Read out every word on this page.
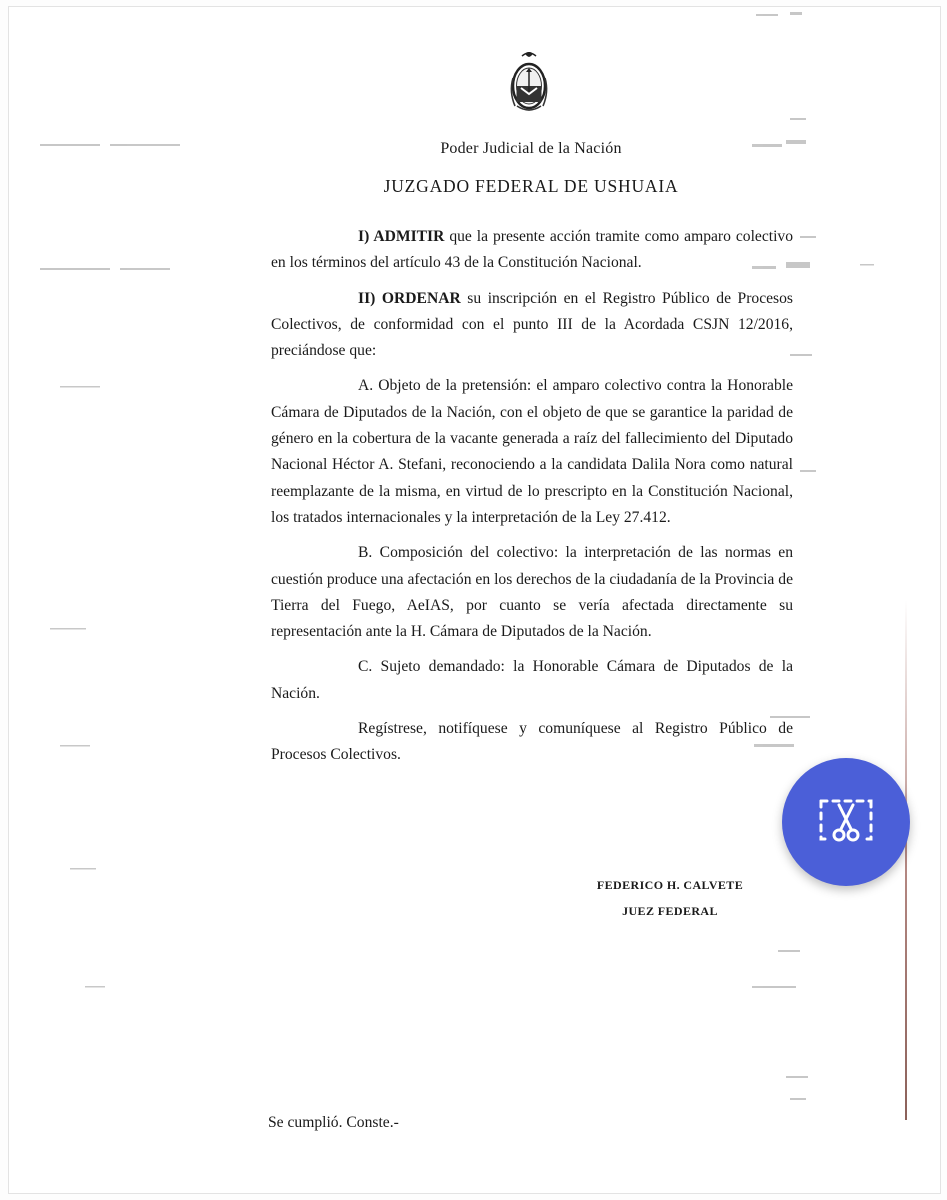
Poder Judicial de la Nación
JUZGADO FEDERAL DE USHUAIA

I) ADMITIR que la presente acción tramite como amparo colectivo en los términos del artículo 43 de la Constitución Nacional.

II) ORDENAR su inscripción en el Registro Público de Procesos Colectivos, de conformidad con el punto III de la Acordada CSJN 12/2016, preciándose que:

A. Objeto de la pretensión: el amparo colectivo contra la Honorable Cámara de Diputados de la Nación, con el objeto de que se garantice la paridad de género en la cobertura de la vacante generada a raíz del fallecimiento del Diputado Nacional Héctor A. Stefani, reconociendo a la candidata Dalila Nora como natural reemplazante de la misma, en virtud de lo prescripto en la Constitución Nacional, los tratados internacionales y la interpretación de la Ley 27.412.

B. Composición del colectivo: la interpretación de las normas en cuestión produce una afectación en los derechos de la ciudadanía de la Provincia de Tierra del Fuego, AeIAS, por cuanto se vería afectada directamente su representación ante la H. Cámara de Diputados de la Nación.

C. Sujeto demandado: la Honorable Cámara de Diputados de la Nación.

Regístrese, notifíquese y comuníquese al Registro Público de Procesos Colectivos.

FEDERICO H. CALVETE
JUEZ FEDERAL
Se cumplió. Conste.-
